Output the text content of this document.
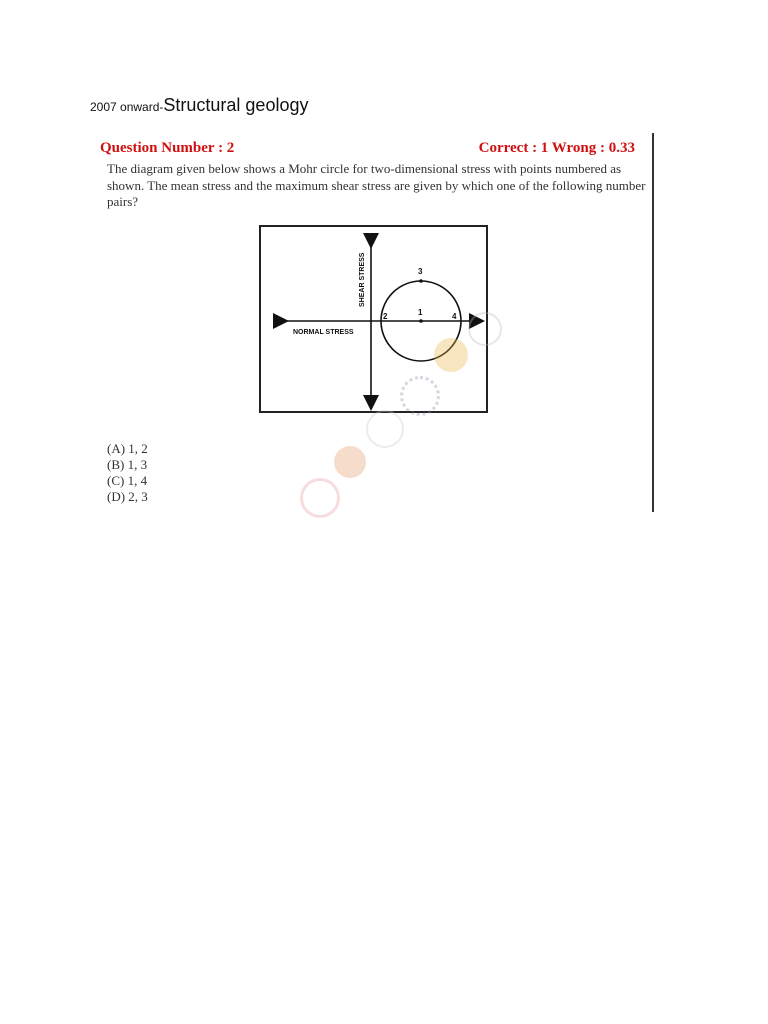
2007 onward-Structural geology
Question Number : 2	Correct : 1 Wrong : 0.33
The diagram given below shows a Mohr circle for two-dimensional stress with points numbered as shown. The mean stress and the maximum shear stress are given by which one of the following number pairs?
1
2
3
4
NORMAL STRESS
SHEAR STRESS
(A) 1, 2
(B) 1, 3
(C) 1, 4
(D) 2, 3
